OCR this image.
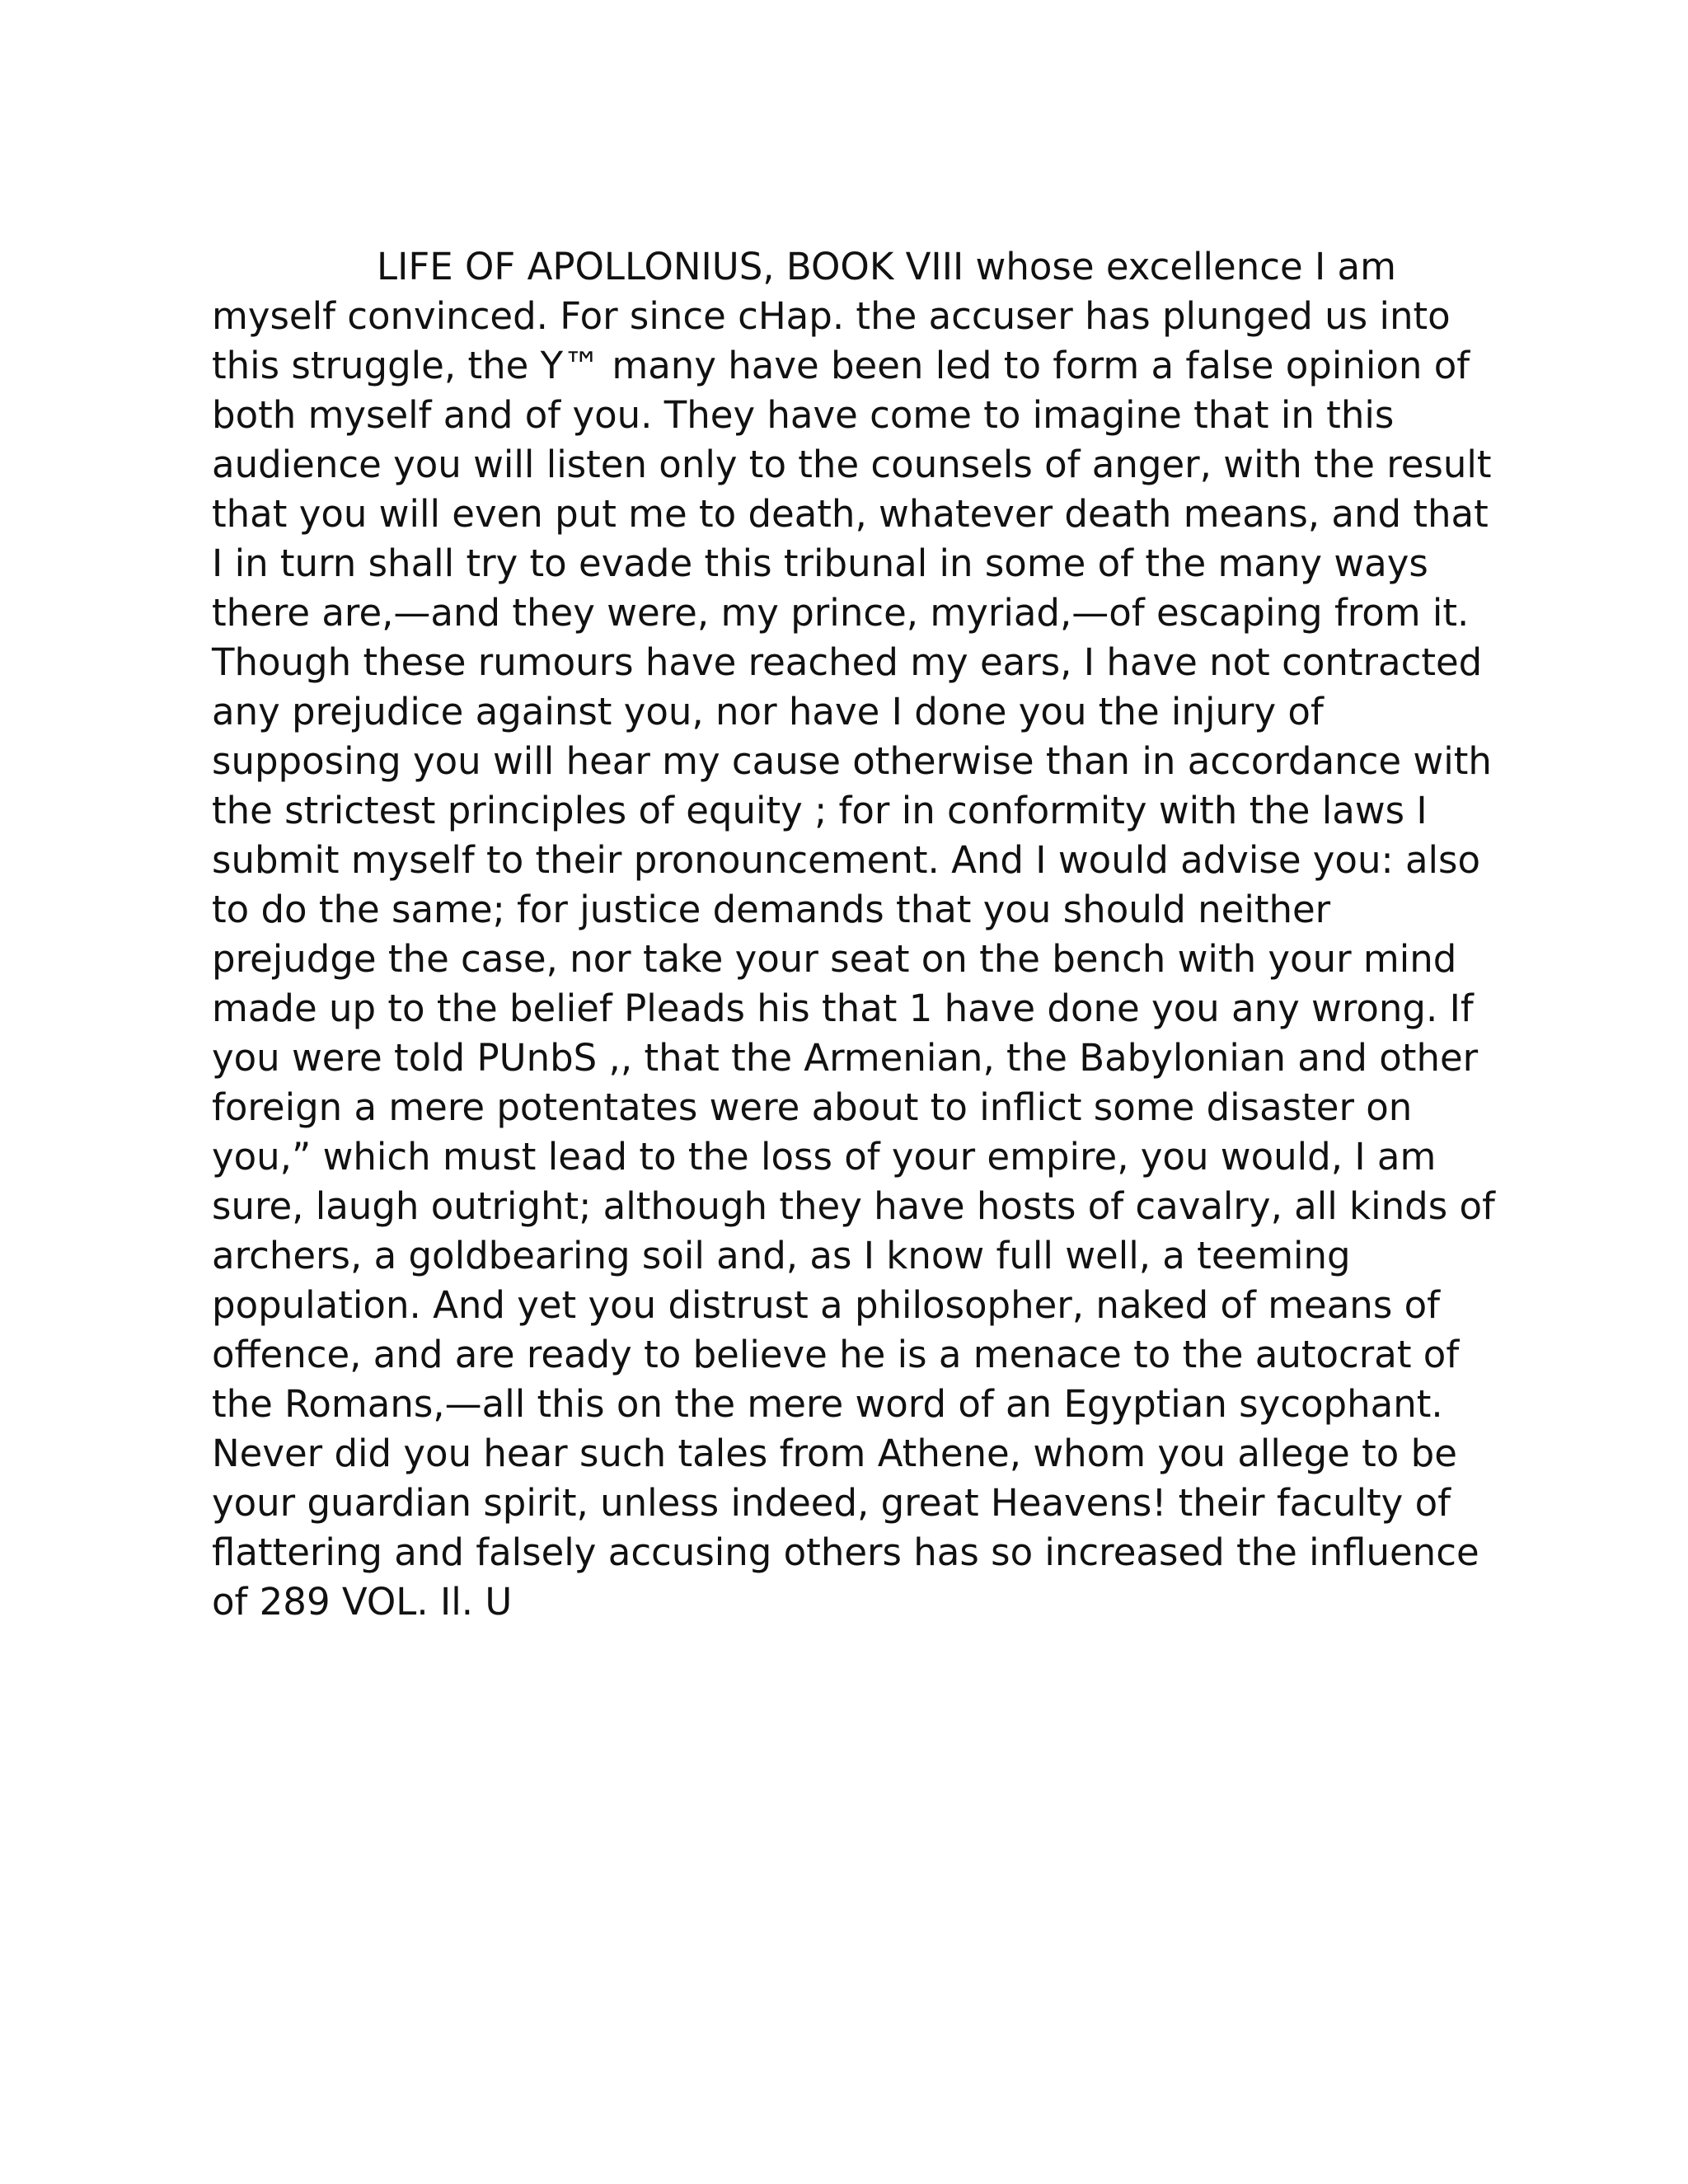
LIFE OF APOLLONIUS, BOOK VIII whose excellence I am
myself convinced. For since cHap. the accuser has plunged us into
this struggle, the Y™ many have been led to form a false opinion of
both myself and of you. They have come to imagine that in this
audience you will listen only to the counsels of anger, with the result
that you will even put me to death, whatever death means, and that
I in turn shall try to evade this tribunal in some of the many ways
there are,—and they were, my prince, myriad,—of escaping from it.
Though these rumours have reached my ears, I have not contracted
any prejudice against you, nor have I done you the injury of
supposing you will hear my cause otherwise than in accordance with
the strictest principles of equity ; for in conformity with the laws I
submit myself to their pronouncement. And I would advise you: also
to do the same; for justice demands that you should neither
prejudge the case, nor take your seat on the bench with your mind
made up to the belief Pleads his that 1 have done you any wrong. If
you were told PUnbS ,, that the Armenian, the Babylonian and other
foreign a mere potentates were about to inflict some disaster on
you,” which must lead to the loss of your empire, you would, I am
sure, laugh outright; although they have hosts of cavalry, all kinds of
archers, a goldbearing soil and, as I know full well, a teeming
population. And yet you distrust a philosopher, naked of means of
offence, and are ready to believe he is a menace to the autocrat of
the Romans,—all this on the mere word of an Egyptian sycophant.
Never did you hear such tales from Athene, whom you allege to be
your guardian spirit, unless indeed, great Heavens! their faculty of
flattering and falsely accusing others has so increased the influence
of 289 VOL. Il. U
